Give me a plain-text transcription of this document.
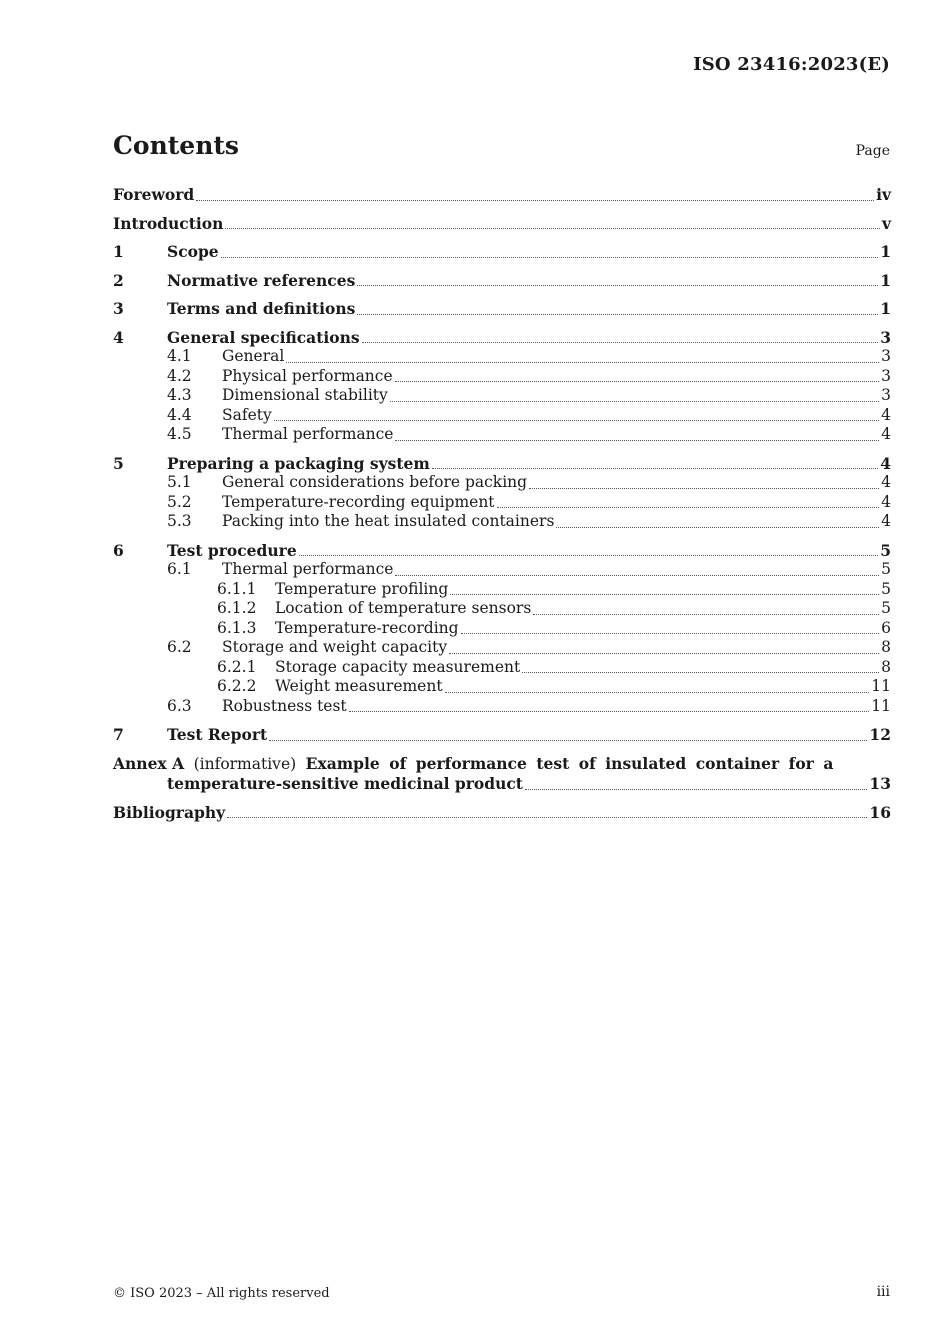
ISO 23416:2023(E)
Contents	Page
Foreword	iv
Introduction	v
1	Scope	1
2	Normative references	1
3	Terms and definitions	1
4	General specifications	3
4.1	General	3
4.2	Physical performance	3
4.3	Dimensional stability	3
4.4	Safety	4
4.5	Thermal performance	4
5	Preparing a packaging system	4
5.1	General considerations before packing	4
5.2	Temperature-recording equipment	4
5.3	Packing into the heat insulated containers	4
6	Test procedure	5
6.1	Thermal performance	5
6.1.1	Temperature profiling	5
6.1.2	Location of temperature sensors	5
6.1.3	Temperature-recording	6
6.2	Storage and weight capacity	8
6.2.1	Storage capacity measurement	8
6.2.2	Weight measurement	11
6.3	Robustness test	11
7	Test Report	12
Annex A (informative) Example of performance test of insulated container for a
temperature-sensitive medicinal product	13
Bibliography	16
© ISO 2023 – All rights reserved	iii
